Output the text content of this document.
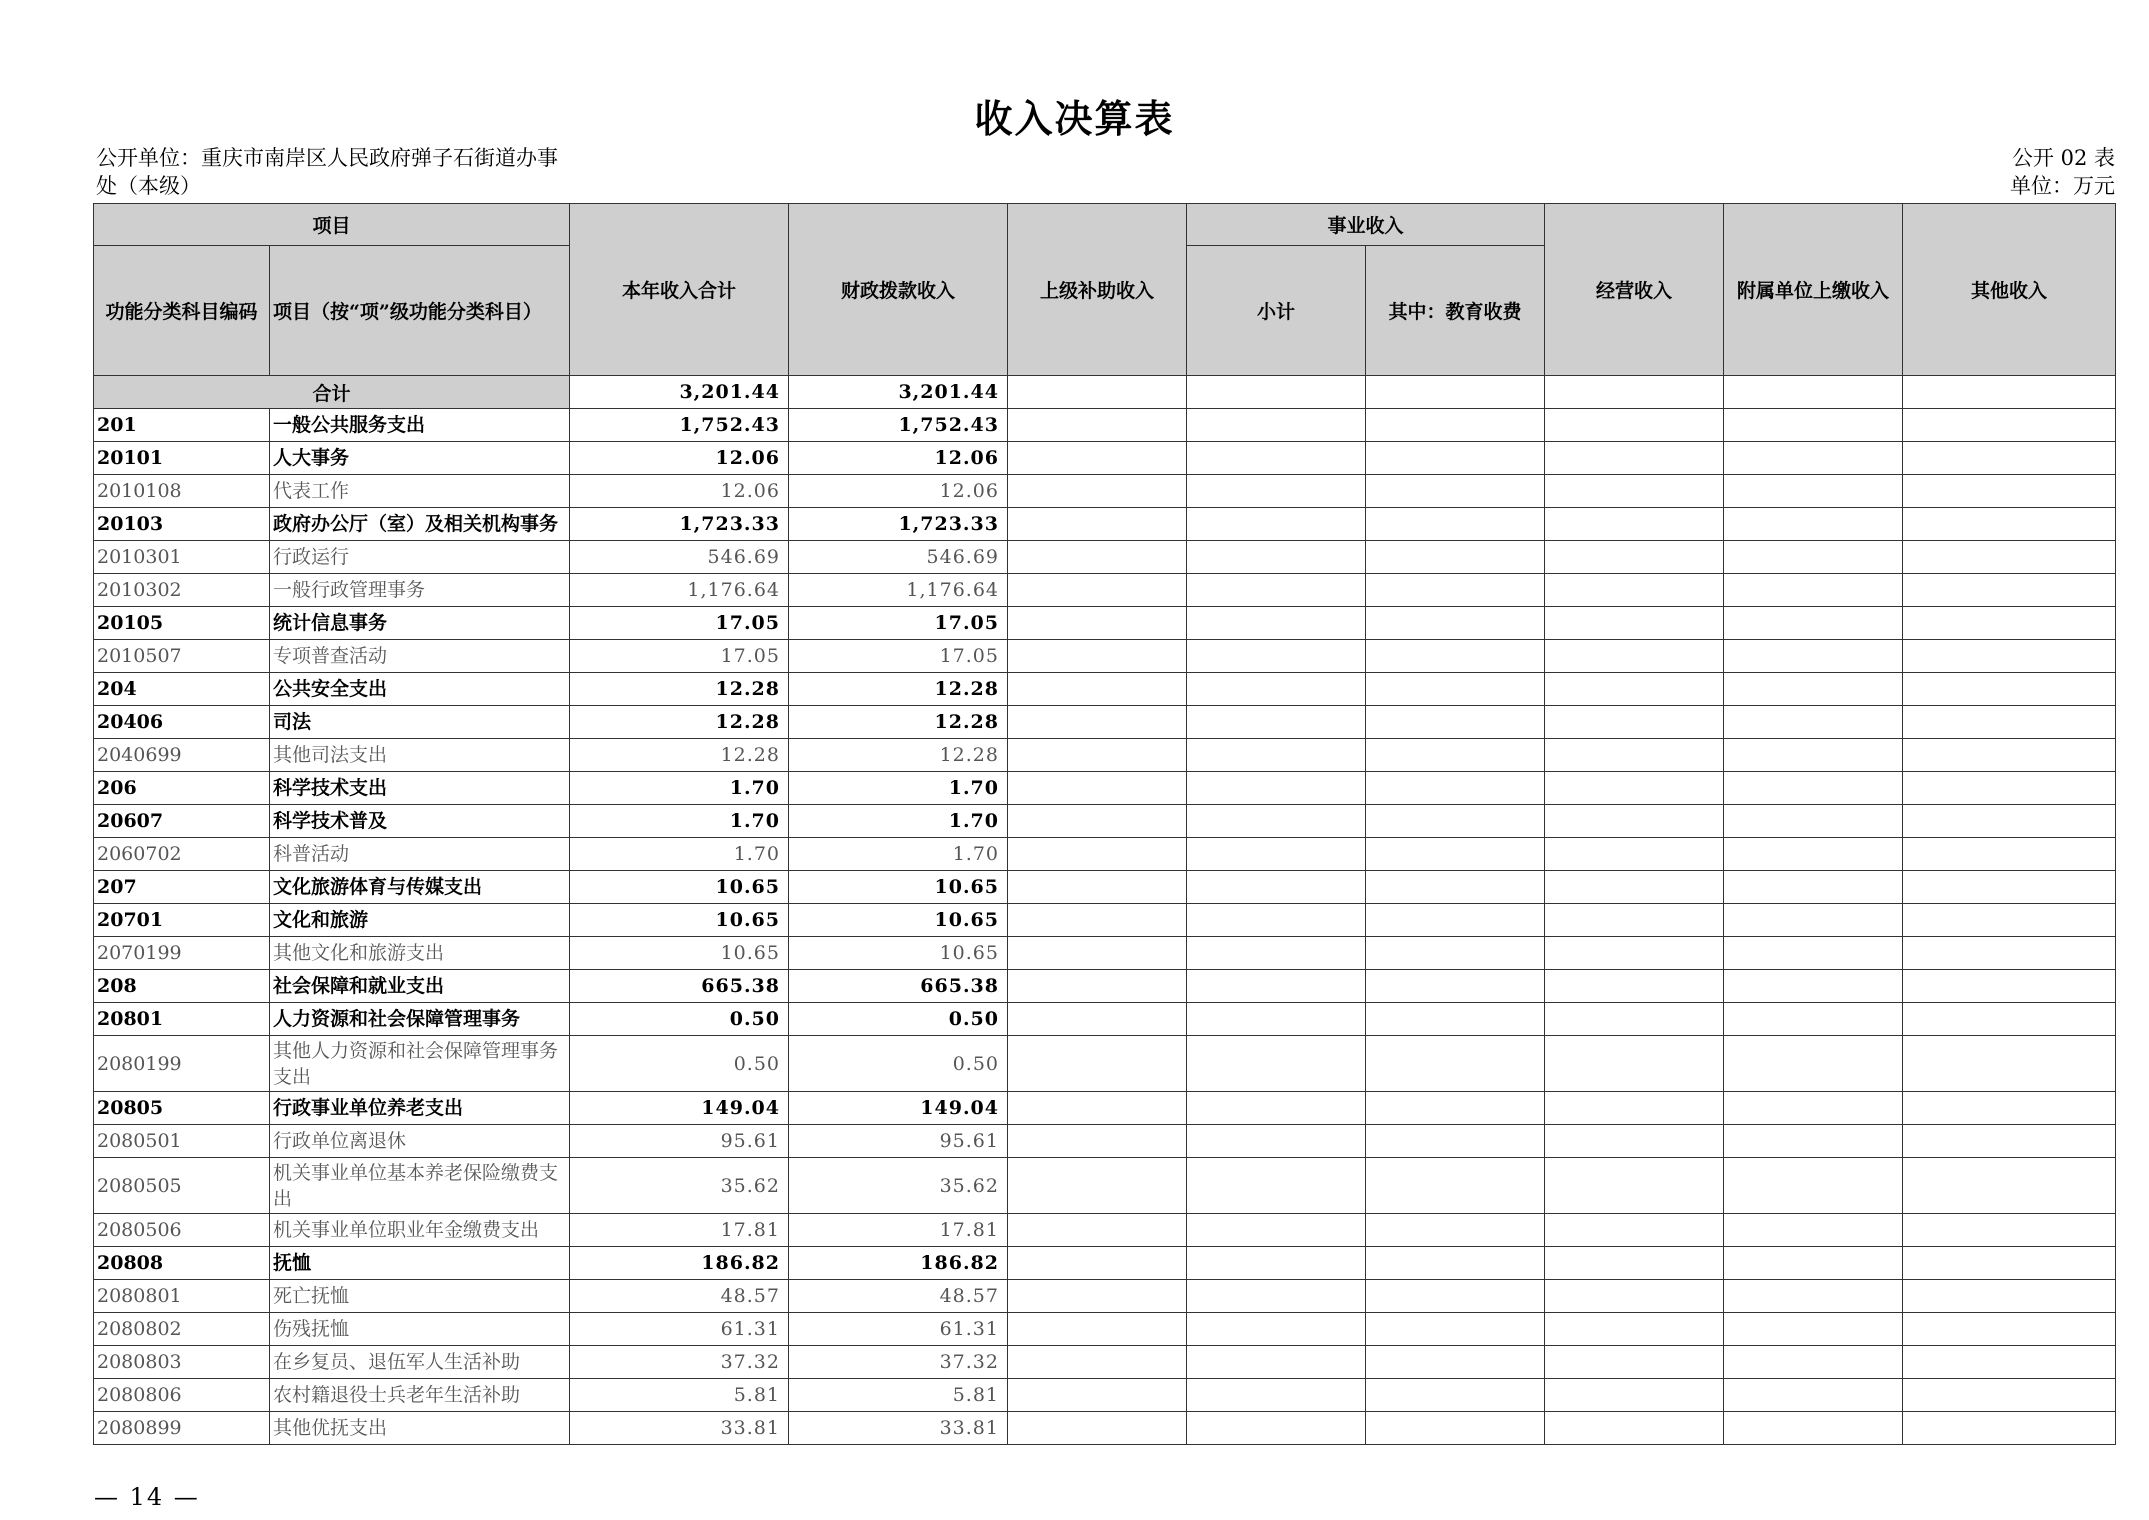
收入决算表
公开单位：重庆市南岸区人民政府弹子石街道办事
处（本级）
公开 02 表
单位：万元
项目		本年收入合计	财政拨款收入	上级补助收入	事业收入		经营收入	附属单位上缴收入	其他收入
功能分类科目编码	项目（按“项”级功能分类科目）				小计	其中：教育收费			
合计		3,201.44	3,201.44						
201	一般公共服务支出	1,752.43	1,752.43						
20101	人大事务	12.06	12.06						
2010108	代表工作	12.06	12.06						
20103	政府办公厅（室）及相关机构事务	1,723.33	1,723.33						
2010301	行政运行	546.69	546.69						
2010302	一般行政管理事务	1,176.64	1,176.64						
20105	统计信息事务	17.05	17.05						
2010507	专项普查活动	17.05	17.05						
204	公共安全支出	12.28	12.28						
20406	司法	12.28	12.28						
2040699	其他司法支出	12.28	12.28						
206	科学技术支出	1.70	1.70						
20607	科学技术普及	1.70	1.70						
2060702	科普活动	1.70	1.70						
207	文化旅游体育与传媒支出	10.65	10.65						
20701	文化和旅游	10.65	10.65						
2070199	其他文化和旅游支出	10.65	10.65						
208	社会保障和就业支出	665.38	665.38						
20801	人力资源和社会保障管理事务	0.50	0.50						
2080199	其他人力资源和社会保障管理事务支出	0.50	0.50						
20805	行政事业单位养老支出	149.04	149.04						
2080501	行政单位离退休	95.61	95.61						
2080505	机关事业单位基本养老保险缴费支出	35.62	35.62						
2080506	机关事业单位职业年金缴费支出	17.81	17.81						
20808	抚恤	186.82	186.82						
2080801	死亡抚恤	48.57	48.57						
2080802	伤残抚恤	61.31	61.31						
2080803	在乡复员、退伍军人生活补助	37.32	37.32						
2080806	农村籍退役士兵老年生活补助	5.81	5.81						
2080899	其他优抚支出	33.81	33.81						
— 14 —
